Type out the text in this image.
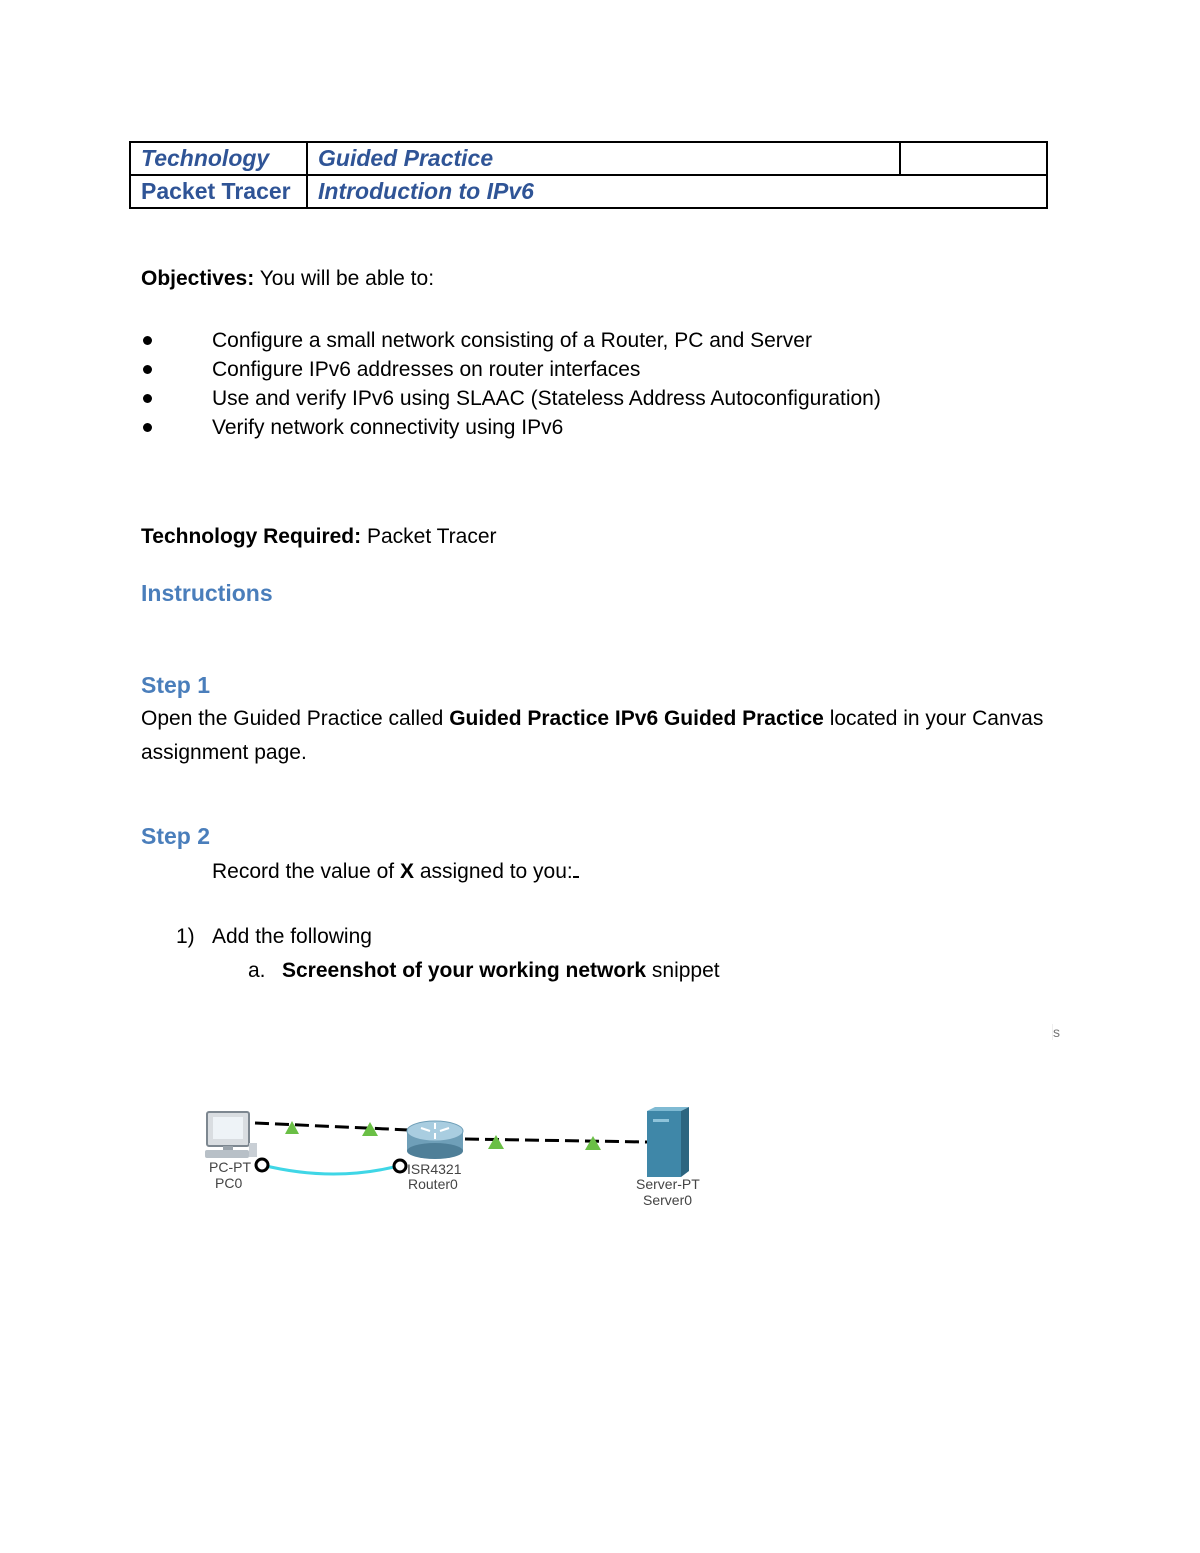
Technology	Guided Practice	
Packet Tracer	Introduction to IPv6	
Objectives: You will be able to:
Configure a small network consisting of a Router, PC and Server
Configure IPv6 addresses on router interfaces
Use and verify IPv6 using SLAAC (Stateless Address Autoconfiguration)
Verify network connectivity using IPv6
Technology Required: Packet Tracer
Instructions
Step 1
Open the Guided Practice called Guided Practice IPv6 Guided Practice located in your Canvas
assignment page.
Step 2
Record the value of X assigned to you:
1) Add the following
a. Screenshot of your working network snippet
s
PC-PT
PC0
ISR4321
Router0	Server-PT
Server0
